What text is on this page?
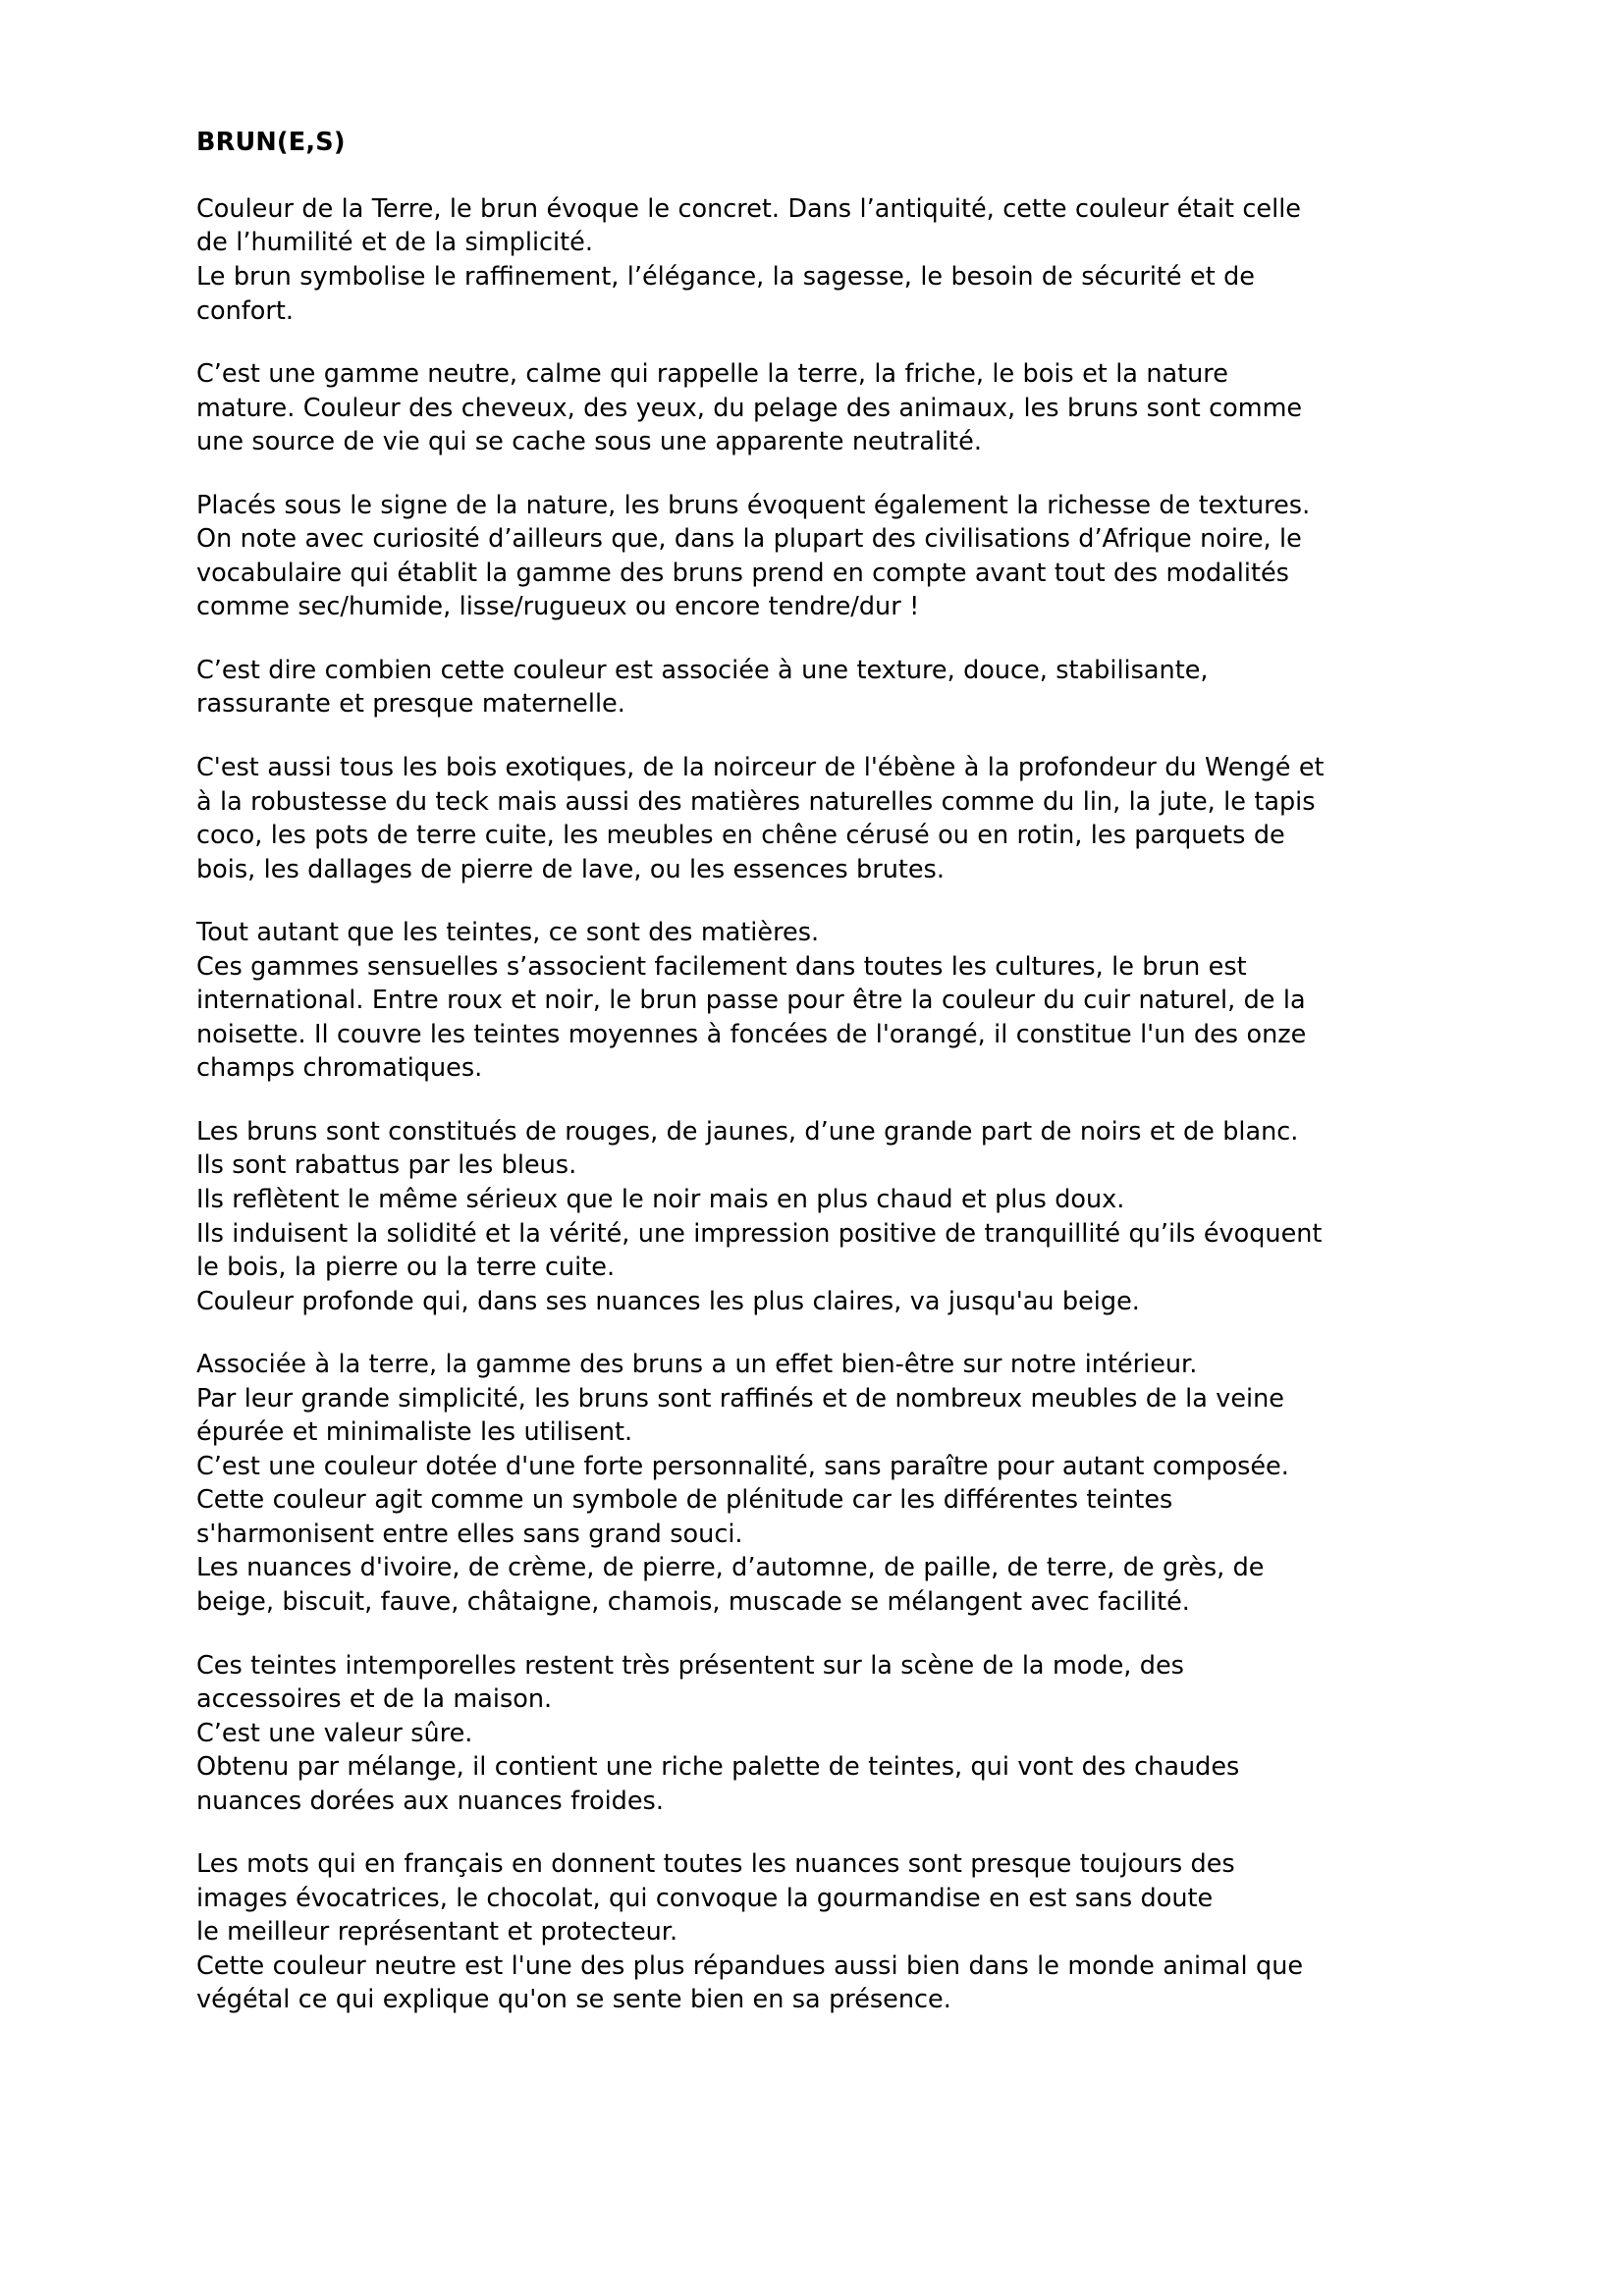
BRUN(E,S)

Couleur de la Terre, le brun évoque le concret. Dans l’antiquité, cette couleur était celle
de l’humilité et de la simplicité.
Le brun symbolise le raffinement, l’élégance, la sagesse, le besoin de sécurité et de
confort.

C’est une gamme neutre, calme qui rappelle la terre, la friche, le bois et la nature
mature. Couleur des cheveux, des yeux, du pelage des animaux, les bruns sont comme
une source de vie qui se cache sous une apparente neutralité.

Placés sous le signe de la nature, les bruns évoquent également la richesse de textures.
On note avec curiosité d’ailleurs que, dans la plupart des civilisations d’Afrique noire, le
vocabulaire qui établit la gamme des bruns prend en compte avant tout des modalités
comme sec/humide, lisse/rugueux ou encore tendre/dur !

C’est dire combien cette couleur est associée à une texture, douce, stabilisante,
rassurante et presque maternelle.

C'est aussi tous les bois exotiques, de la noirceur de l'ébène à la profondeur du Wengé et
à la robustesse du teck mais aussi des matières naturelles comme du lin, la jute, le tapis
coco, les pots de terre cuite, les meubles en chêne cérusé ou en rotin, les parquets de
bois, les dallages de pierre de lave, ou les essences brutes.

Tout autant que les teintes, ce sont des matières.
Ces gammes sensuelles s’associent facilement dans toutes les cultures, le brun est
international. Entre roux et noir, le brun passe pour être la couleur du cuir naturel, de la
noisette. Il couvre les teintes moyennes à foncées de l'orangé, il constitue l'un des onze
champs chromatiques.

Les bruns sont constitués de rouges, de jaunes, d’une grande part de noirs et de blanc.
Ils sont rabattus par les bleus.
Ils reflètent le même sérieux que le noir mais en plus chaud et plus doux.
Ils induisent la solidité et la vérité, une impression positive de tranquillité qu’ils évoquent
le bois, la pierre ou la terre cuite.
Couleur profonde qui, dans ses nuances les plus claires, va jusqu'au beige.

Associée à la terre, la gamme des bruns a un effet bien-être sur notre intérieur.
Par leur grande simplicité, les bruns sont raffinés et de nombreux meubles de la veine
épurée et minimaliste les utilisent.
C’est une couleur dotée d'une forte personnalité, sans paraître pour autant composée.
Cette couleur agit comme un symbole de plénitude car les différentes teintes
s'harmonisent entre elles sans grand souci.
Les nuances d'ivoire, de crème, de pierre, d’automne, de paille, de terre, de grès, de
beige, biscuit, fauve, châtaigne, chamois, muscade se mélangent avec facilité.

Ces teintes intemporelles restent très présentent sur la scène de la mode, des
accessoires et de la maison.
C’est une valeur sûre.
Obtenu par mélange, il contient une riche palette de teintes, qui vont des chaudes
nuances dorées aux nuances froides.

Les mots qui en français en donnent toutes les nuances sont presque toujours des
images évocatrices, le chocolat, qui convoque la gourmandise en est sans doute
le meilleur représentant et protecteur.
Cette couleur neutre est l'une des plus répandues aussi bien dans le monde animal que
végétal ce qui explique qu'on se sente bien en sa présence.
